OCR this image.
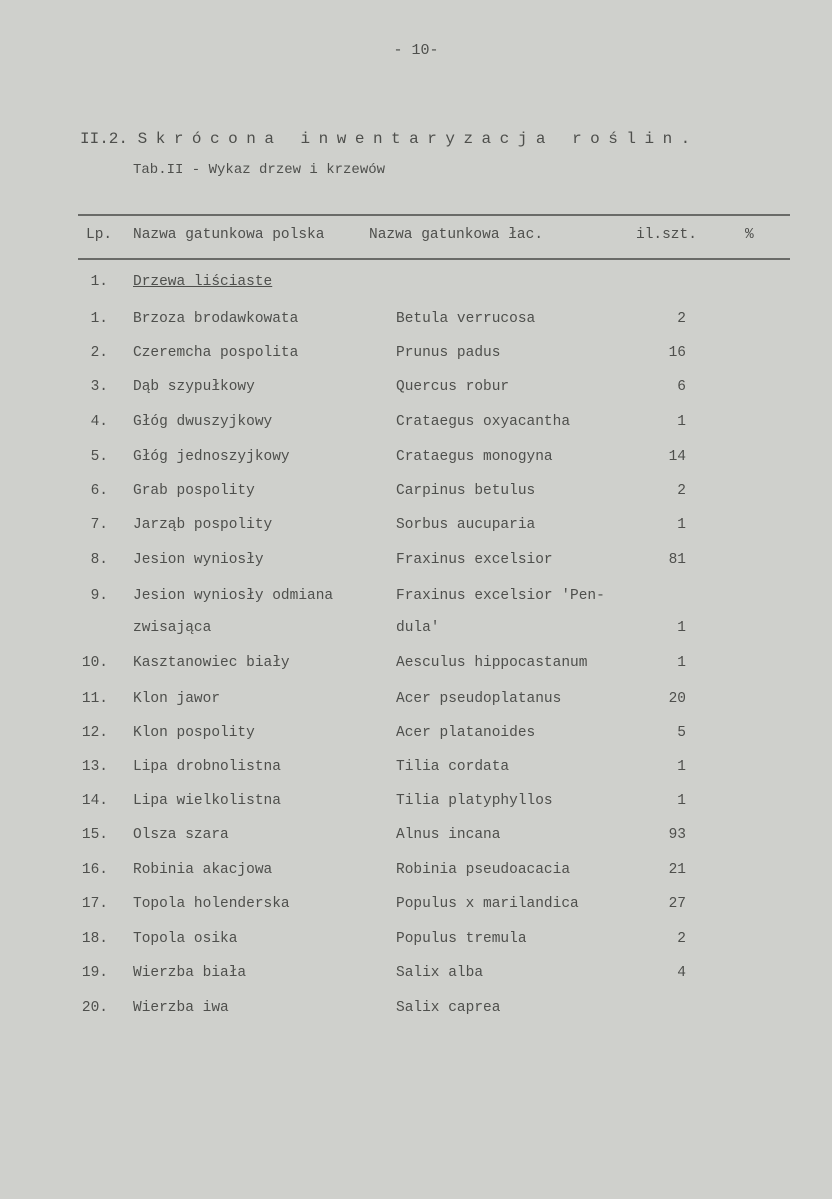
- 10-
II.2. Skrócona inwentaryzacja roślin.
Tab.II - Wykaz drzew i krzewów
Lp. Nazwa gatunkowa polska	Nazwa gatunkowa łac.	il.szt.	%
1. Drzewa liściaste
1. Brzoza brodawkowata	Betula verrucosa	2
2. Czeremcha pospolita	Prunus padus	16
3. Dąb szypułkowy	Quercus robur	6
4. Głóg dwuszyjkowy	Crataegus oxyacantha	1
5. Głóg jednoszyjkowy	Crataegus monogyna	14
6. Grab pospolity	Carpinus betulus	2
7. Jarząb pospolity	Sorbus aucuparia	1
8. Jesion wyniosły	Fraxinus excelsior	81
9. Jesion wyniosły odmiana	Fraxinus excelsior 'Pen-
zwisająca	dula'	1
10. Kasztanowiec biały	Aesculus hippocastanum	1
11. Klon jawor	Acer pseudoplatanus	20
12. Klon pospolity	Acer platanoides	5
13. Lipa drobnolistna	Tilia cordata	1
14. Lipa wielkolistna	Tilia platyphyllos	1
15. Olsza szara	Alnus incana	93
16. Robinia akacjowa	Robinia pseudoacacia	21
17. Topola holenderska	Populus x marilandica	27
18. Topola osika	Populus tremula	2
19. Wierzba biała	Salix alba	4
20. Wierzba iwa	Salix caprea
